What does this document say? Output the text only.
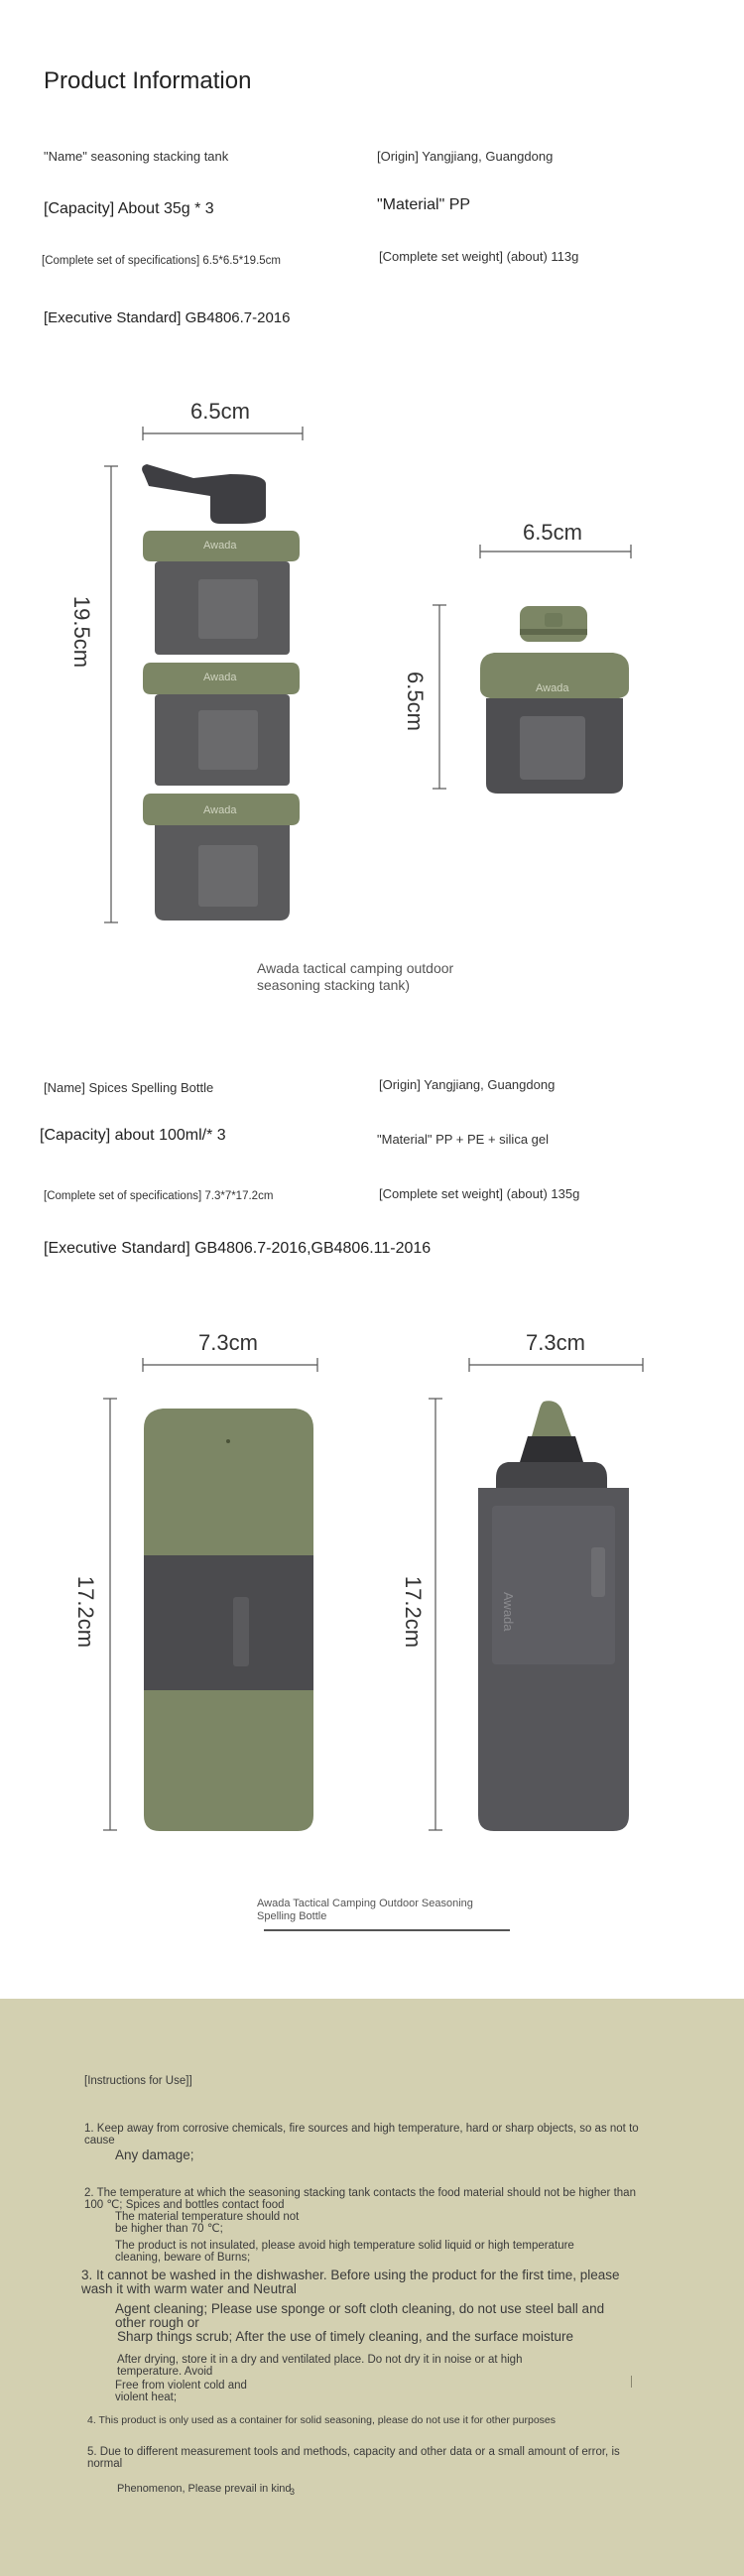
Product Information
"Name" seasoning stacking tank	[Origin] Yangjiang, Guangdong
[Capacity] About 35g * 3	"Material" PP
[Complete set of specifications] 6.5*6.5*19.5cm	[Complete set weight] (about) 113g
[Executive Standard] GB4806.7-2016
6.5cm
19.5cm
6.5cm
6.5cm
Awada
Awada
Awada
Awada
Awada
Awada tactical camping outdoor seasoning stacking tank)
[Name] Spices Spelling Bottle	[Origin] Yangjiang, Guangdong
[Capacity] about 100ml/* 3	"Material" PP + PE + silica gel
[Complete set of specifications] 7.3*7*17.2cm	[Complete set weight] (about) 135g
[Executive Standard] GB4806.7-2016,GB4806.11-2016
7.3cm	7.3cm
17.2cm	17.2cm
Awada Tactical Camping Outdoor Seasoning Spelling Bottle
[Instructions for Use]]
1. Keep away from corrosive chemicals, fire sources and high temperature, hard or sharp objects, so as not to cause
Any damage;
2. The temperature at which the seasoning stacking tank contacts the food material should not be higher than 100 ℃; Spices and bottles contact food
The material temperature should not be higher than 70 ℃;
The product is not insulated, please avoid high temperature solid liquid or high temperature cleaning, beware of Burns;
3. It cannot be washed in the dishwasher. Before using the product for the first time, please wash it with warm water and Neutral
Agent cleaning; Please use sponge or soft cloth cleaning, do not use steel ball and other rough or
Sharp things scrub; After the use of timely cleaning, and the surface moisture
After drying, store it in a dry and ventilated place. Do not dry it in noise or at high temperature. Avoid
Free from violent cold and violent heat;
4. This product is only used as a container for solid seasoning, please do not use it for other purposes
5. Due to different measurement tools and methods, capacity and other data or a small amount of error, is normal
Phenomenon, Please prevail in kind
3
